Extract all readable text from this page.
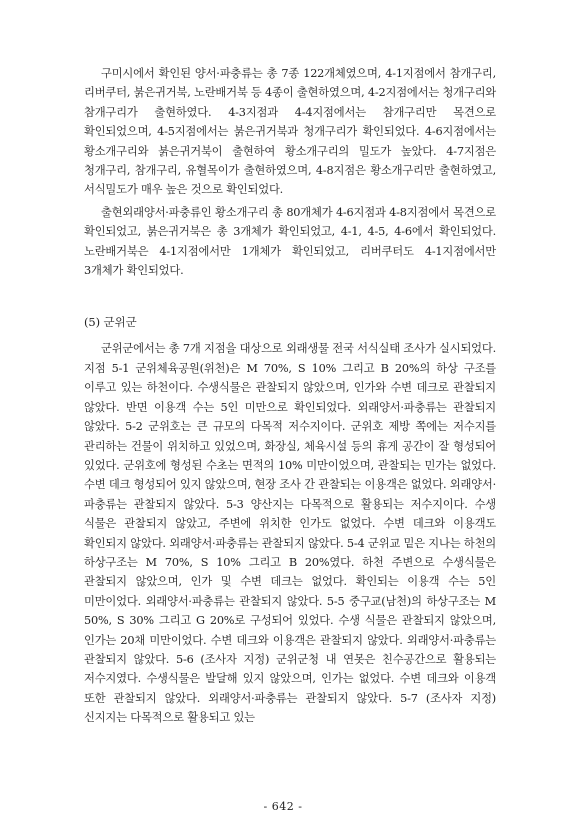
구미시에서 확인된 양서·파충류는 총 7종 122개체였으며, 4-1지점에서 참개구리, 리버쿠터, 붉은귀거북, 노란배거북 등 4종이 출현하였으며, 4-2지점에서는 청개구리와 참개구리가 출현하였다. 4-3지점과 4-4지점에서는 참개구리만 목견으로 확인되었으며, 4-5지점에서는 붉은귀거북과 청개구리가 확인되었다. 4-6지점에서는 황소개구리와 붉은귀거북이 출현하여 황소개구리의 밀도가 높았다. 4-7지점은 청개구리, 참개구리, 유혈목이가 출현하였으며, 4-8지점은 황소개구리만 출현하였고, 서식밀도가 매우 높은 것으로 확인되었다.

출현외래양서·파충류인 황소개구리 총 80개체가 4-6지점과 4-8지점에서 목견으로 확인되었고, 붉은귀거북은 총 3개체가 확인되었고, 4-1, 4-5, 4-6에서 확인되었다. 노란배거북은 4-1지점에서만 1개체가 확인되었고, 리버쿠터도 4-1지점에서만 3개체가 확인되었다.

(5) 군위군

군위군에서는 총 7개 지점을 대상으로 외래생물 전국 서식실태 조사가 실시되었다. 지점 5-1 군위체육공원(위천)은 M 70%, S 10% 그리고 B 20%의 하상 구조를 이루고 있는 하천이다. 수생식물은 관찰되지 않았으며, 인가와 수변 데크로 관찰되지 않았다. 반면 이용객 수는 5인 미만으로 확인되었다. 외래양서·파충류는 관찰되지 않았다. 5-2 군위호는 큰 규모의 다목적 저수지이다. 군위호 제방 쪽에는 저수지를 관리하는 건물이 위치하고 있었으며, 화장실, 체육시설 등의 휴게 공간이 잘 형성되어 있었다. 군위호에 형성된 수초는 면적의 10% 미만이었으며, 관찰되는 민가는 없었다. 수변 데크 형성되어 있지 않았으며, 현장 조사 간 관찰되는 이용객은 없었다. 외래양서·파충류는 관찰되지 않았다. 5-3 양산지는 다목적으로 활용되는 저수지이다. 수생 식물은 관찰되지 않았고, 주변에 위치한 인가도 없었다. 수변 데크와 이용객도 확인되지 않았다. 외래양서·파충류는 관찰되지 않았다. 5-4 군위교 밑은 지나는 하천의 하상구조는 M 70%, S 10% 그리고 B 20%였다. 하천 주변으로 수생식물은 관찰되지 않았으며, 인가 및 수변 데크는 없었다. 확인되는 이용객 수는 5인 미만이었다. 외래양서·파충류는 관찰되지 않았다. 5-5 중구교(남천)의 하상구조는 M 50%, S 30% 그리고 G 20%로 구성되어 있었다. 수생 식물은 관찰되지 않았으며, 인가는 20채 미만이었다. 수변 데크와 이용객은 관찰되지 않았다. 외래양서·파충류는 관찰되지 않았다. 5-6 (조사자 지정) 군위군청 내 연못은 친수공간으로 활용되는 저수지였다. 수생식물은 발달해 있지 않았으며, 인가는 없었다. 수변 데크와 이용객 또한 관찰되지 않았다. 외래양서·파충류는 관찰되지 않았다. 5-7 (조사자 지정) 신지지는 다목적으로 활용되고 있는

- 642 -
